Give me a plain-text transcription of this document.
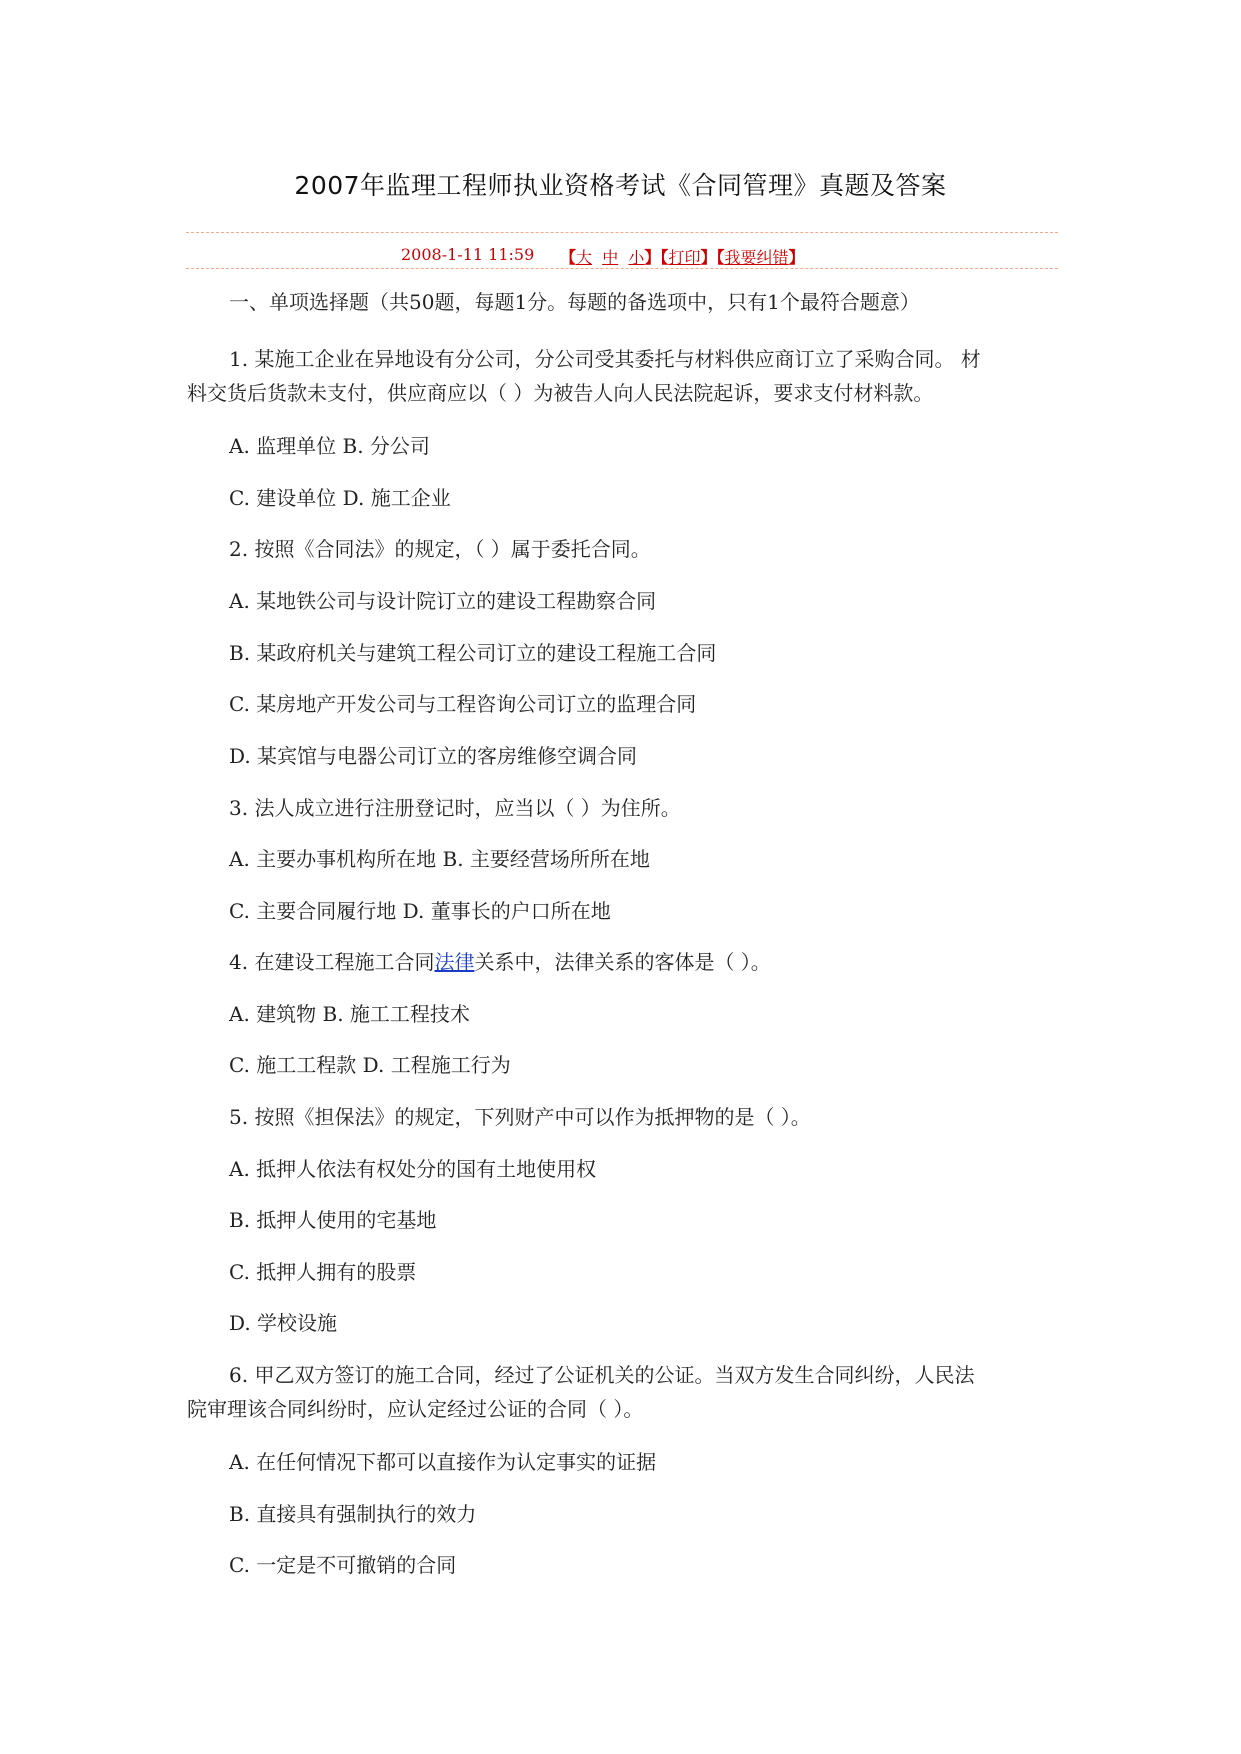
2007年监理工程师执业资格考试《合同管理》真题及答案
2008-1-11 11:59 【大 中 小】【打印】【我要纠错】
一、单项选择题（共50题，每题1分。每题的备选项中，只有1个最符合题意）
1. 某施工企业在异地设有分公司，分公司受其委托与材料供应商订立了采购合同。 材
料交货后货款未支付，供应商应以（ ）为被告人向人民法院起诉，要求支付材料款。
A. 监理单位 B. 分公司
C. 建设单位 D. 施工企业
2. 按照《合同法》的规定，（ ）属于委托合同。
A. 某地铁公司与设计院订立的建设工程勘察合同
B. 某政府机关与建筑工程公司订立的建设工程施工合同
C. 某房地产开发公司与工程咨询公司订立的监理合同
D. 某宾馆与电器公司订立的客房维修空调合同
3. 法人成立进行注册登记时，应当以（ ）为住所。
A. 主要办事机构所在地 B. 主要经营场所所在地
C. 主要合同履行地 D. 董事长的户口所在地
4. 在建设工程施工合同法律关系中，法律关系的客体是（ ）。
A. 建筑物 B. 施工工程技术
C. 施工工程款 D. 工程施工行为
5. 按照《担保法》的规定，下列财产中可以作为抵押物的是（ ）。
A. 抵押人依法有权处分的国有土地使用权
B. 抵押人使用的宅基地
C. 抵押人拥有的股票
D. 学校设施
6. 甲乙双方签订的施工合同，经过了公证机关的公证。当双方发生合同纠纷，人民法
院审理该合同纠纷时，应认定经过公证的合同（ ）。
A. 在任何情况下都可以直接作为认定事实的证据
B. 直接具有强制执行的效力
C. 一定是不可撤销的合同
